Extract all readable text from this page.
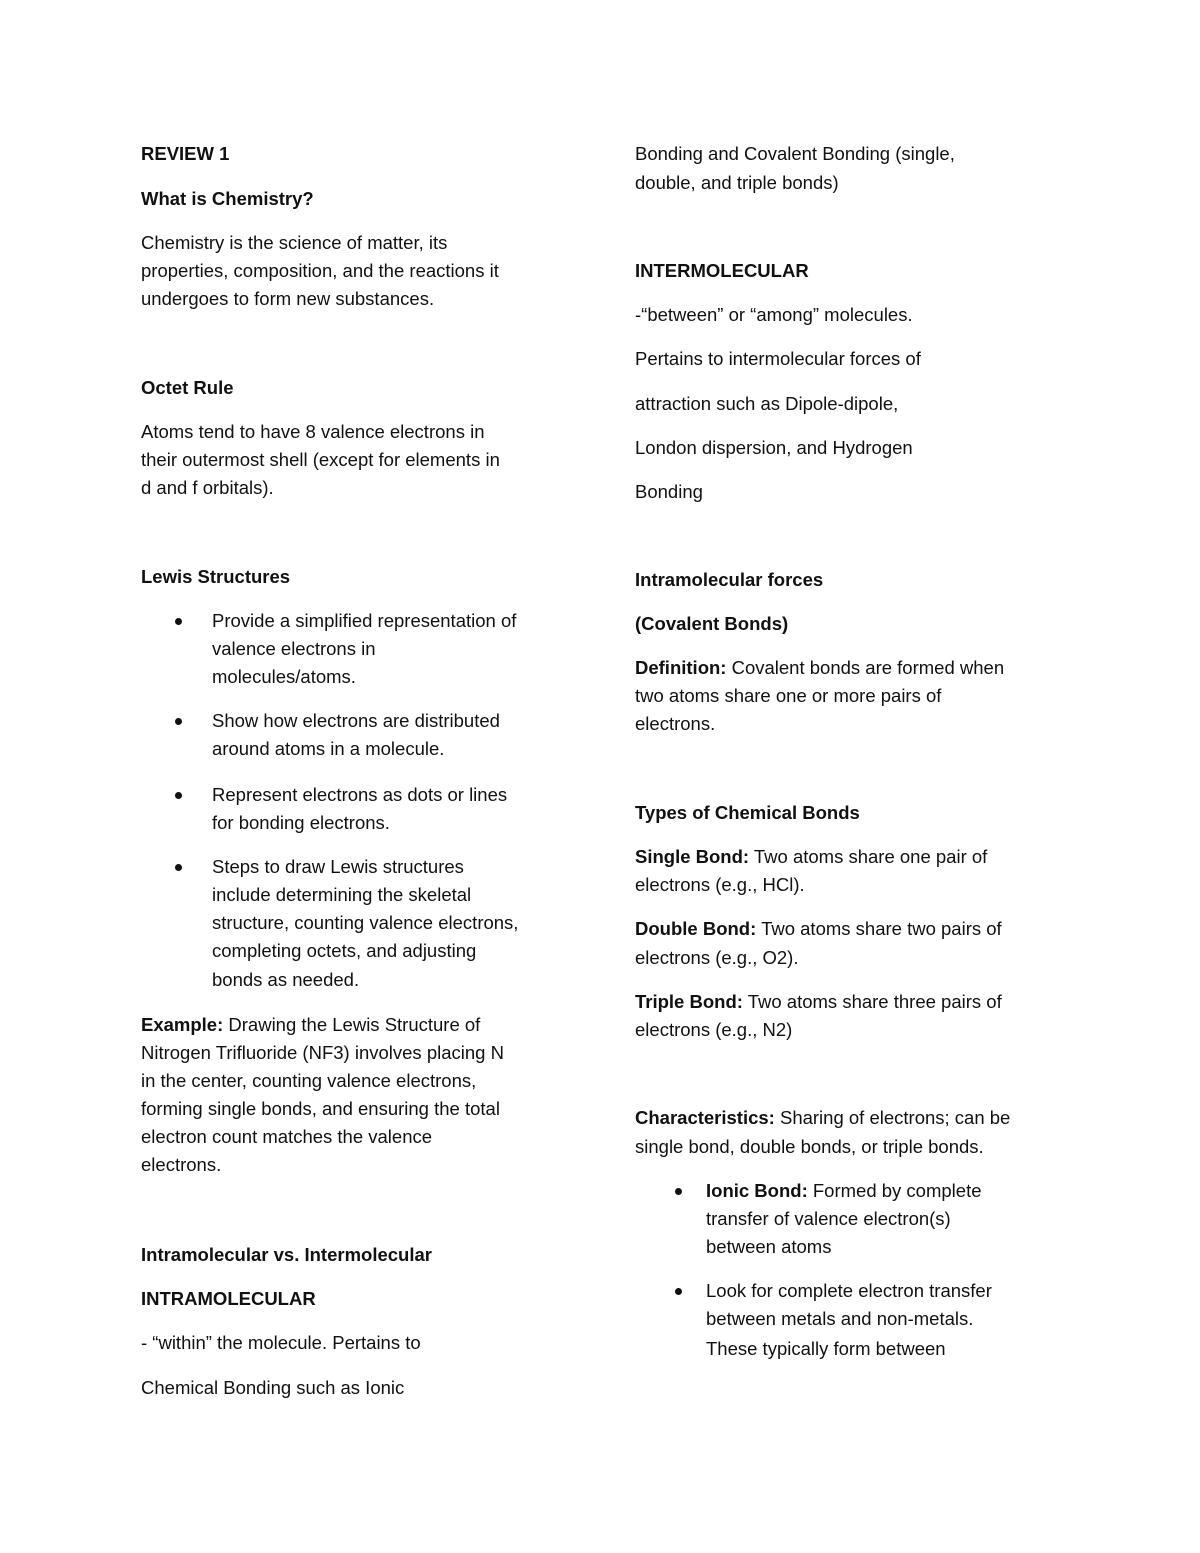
REVIEW 1

What is Chemistry?

Chemistry is the science of matter, its

properties, composition, and the reactions it

undergoes to form new substances.

Octet Rule

Atoms tend to have 8 valence electrons in

their outermost shell (except for elements in

d and f orbitals).

Lewis Structures

Provide a simplified representation of

valence electrons in

molecules/atoms.

Show how electrons are distributed

around atoms in a molecule.

Represent electrons as dots or lines

for bonding electrons.

Steps to draw Lewis structures

include determining the skeletal

structure, counting valence electrons,

completing octets, and adjusting

bonds as needed.

Example: Drawing the Lewis Structure of

Nitrogen Trifluoride (NF3) involves placing N

in the center, counting valence electrons,

forming single bonds, and ensuring the total

electron count matches the valence

electrons.

Intramolecular vs. Intermolecular

INTRAMOLECULAR

- “within” the molecule. Pertains to

Chemical Bonding such as Ionic

Bonding and Covalent Bonding (single,

double, and triple bonds)

INTERMOLECULAR

-“between” or “among” molecules.

Pertains to intermolecular forces of

attraction such as Dipole-dipole,

London dispersion, and Hydrogen

Bonding

Intramolecular forces

(Covalent Bonds)

Definition: Covalent bonds are formed when

two atoms share one or more pairs of

electrons.

Types of Chemical Bonds

Single Bond: Two atoms share one pair of

electrons (e.g., HCl).

Double Bond: Two atoms share two pairs of

electrons (e.g., O2).

Triple Bond: Two atoms share three pairs of

electrons (e.g., N2)

Characteristics: Sharing of electrons; can be

single bond, double bonds, or triple bonds.

Ionic Bond: Formed by complete

transfer of valence electron(s)

between atoms

Look for complete electron transfer

between metals and non-metals.

These typically form between
